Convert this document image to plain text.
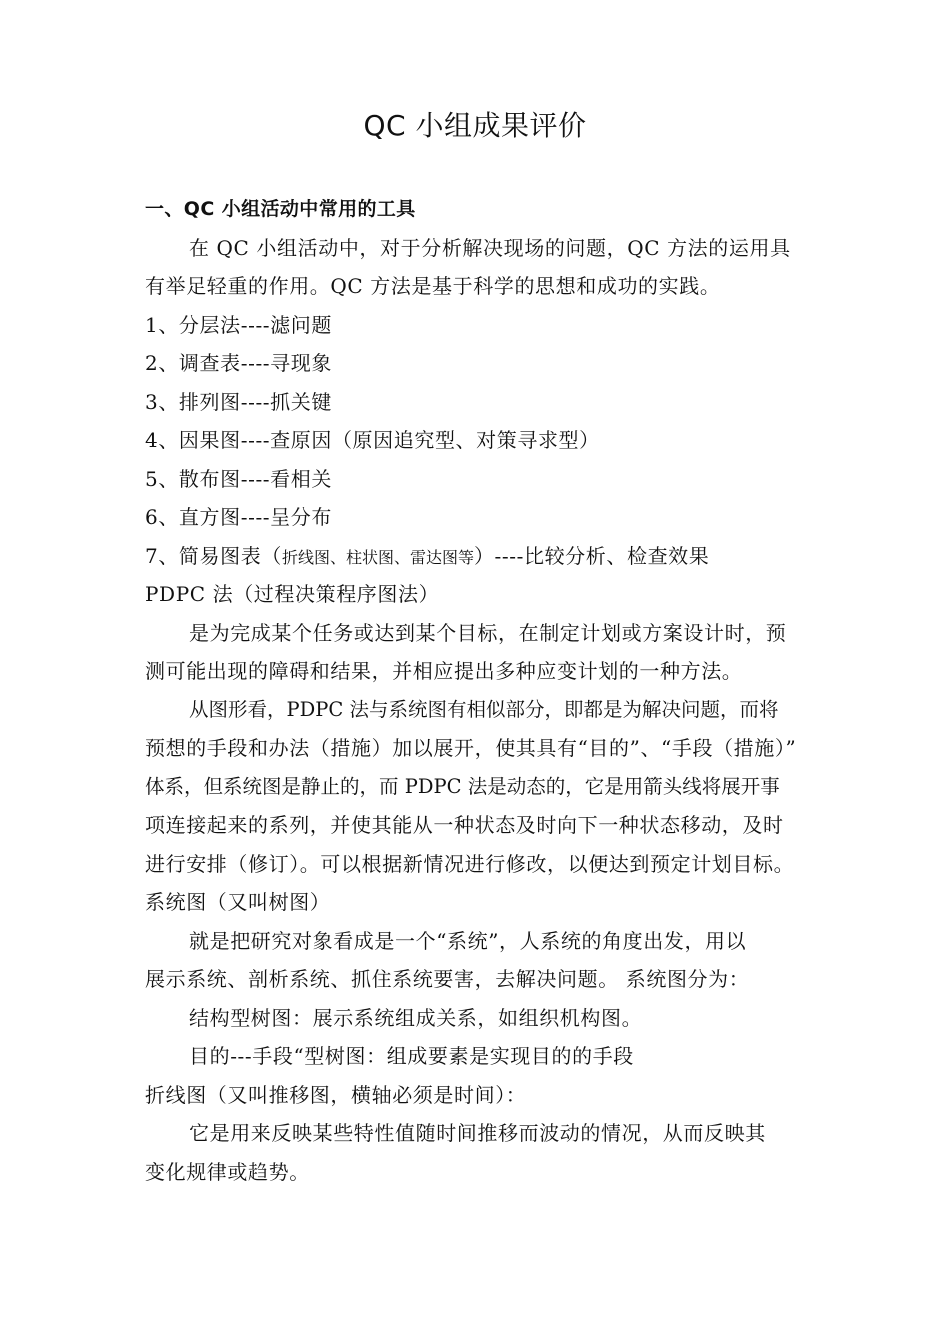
QC 小组成果评价
一、QC 小组活动中常用的工具
在 QC 小组活动中，对于分析解决现场的问题，QC 方法的运用具
有举足轻重的作用。QC 方法是基于科学的思想和成功的实践。
1、分层法----滤问题
2、调查表----寻现象
3、排列图----抓关键
4、因果图----查原因（原因追究型、对策寻求型）
5、散布图----看相关
6、直方图----呈分布
7、简易图表（折线图、柱状图、雷达图等）----比较分析、检查效果
PDPC 法（过程决策程序图法）
是为完成某个任务或达到某个目标，在制定计划或方案设计时，预
测可能出现的障碍和结果，并相应提出多种应变计划的一种方法。
从图形看，PDPC 法与系统图有相似部分，即都是为解决问题，而将
预想的手段和办法（措施）加以展开，使其具有“目的”、“手段（措施）”
体系，但系统图是静止的，而 PDPC 法是动态的，它是用箭头线将展开事
项连接起来的系列，并使其能从一种状态及时向下一种状态移动，及时
进行安排（修订）。可以根据新情况进行修改，以便达到预定计划目标。
系统图（又叫树图）
就是把研究对象看成是一个“系统”，人系统的角度出发，用以
展示系统、剖析系统、抓住系统要害，去解决问题。 系统图分为：
结构型树图：展示系统组成关系，如组织机构图。
目的---手段“型树图：组成要素是实现目的的手段
折线图（又叫推移图，横轴必须是时间）：
它是用来反映某些特性值随时间推移而波动的情况，从而反映其
变化规律或趋势。
